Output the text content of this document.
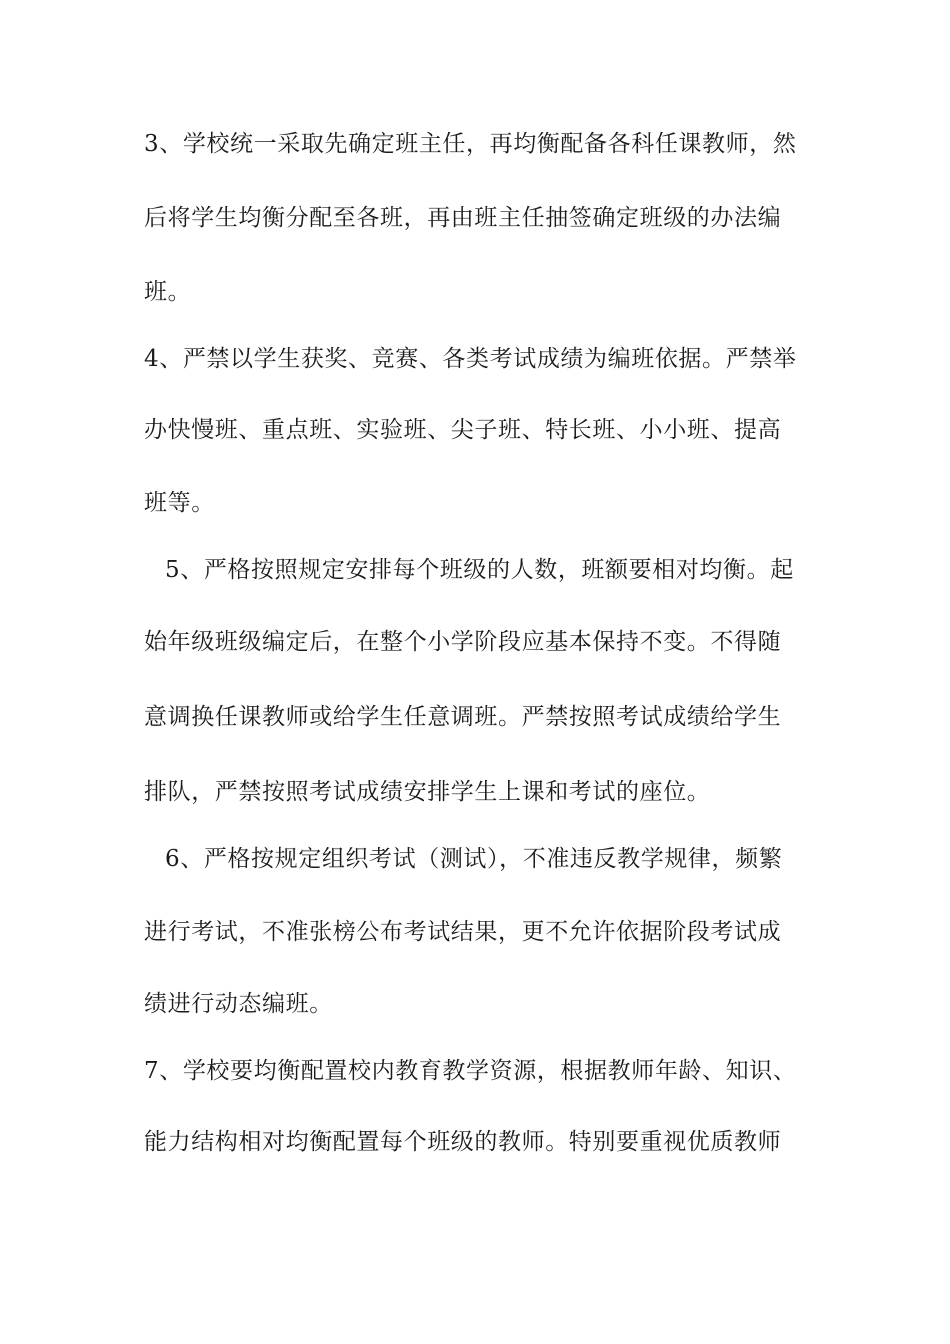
3、学校统一采取先确定班主任，再均衡配备各科任课教师，然
后将学生均衡分配至各班，再由班主任抽签确定班级的办法编
班。
4、严禁以学生获奖、竞赛、各类考试成绩为编班依据。严禁举
办快慢班、重点班、实验班、尖子班、特长班、小小班、提高
班等。
5、严格按照规定安排每个班级的人数，班额要相对均衡。起
始年级班级编定后，在整个小学阶段应基本保持不变。不得随
意调换任课教师或给学生任意调班。严禁按照考试成绩给学生
排队，严禁按照考试成绩安排学生上课和考试的座位。
6、严格按规定组织考试（测试），不准违反教学规律，频繁
进行考试，不准张榜公布考试结果，更不允许依据阶段考试成
绩进行动态编班。
7、学校要均衡配置校内教育教学资源，根据教师年龄、知识、
能力结构相对均衡配置每个班级的教师。特别要重视优质教师
